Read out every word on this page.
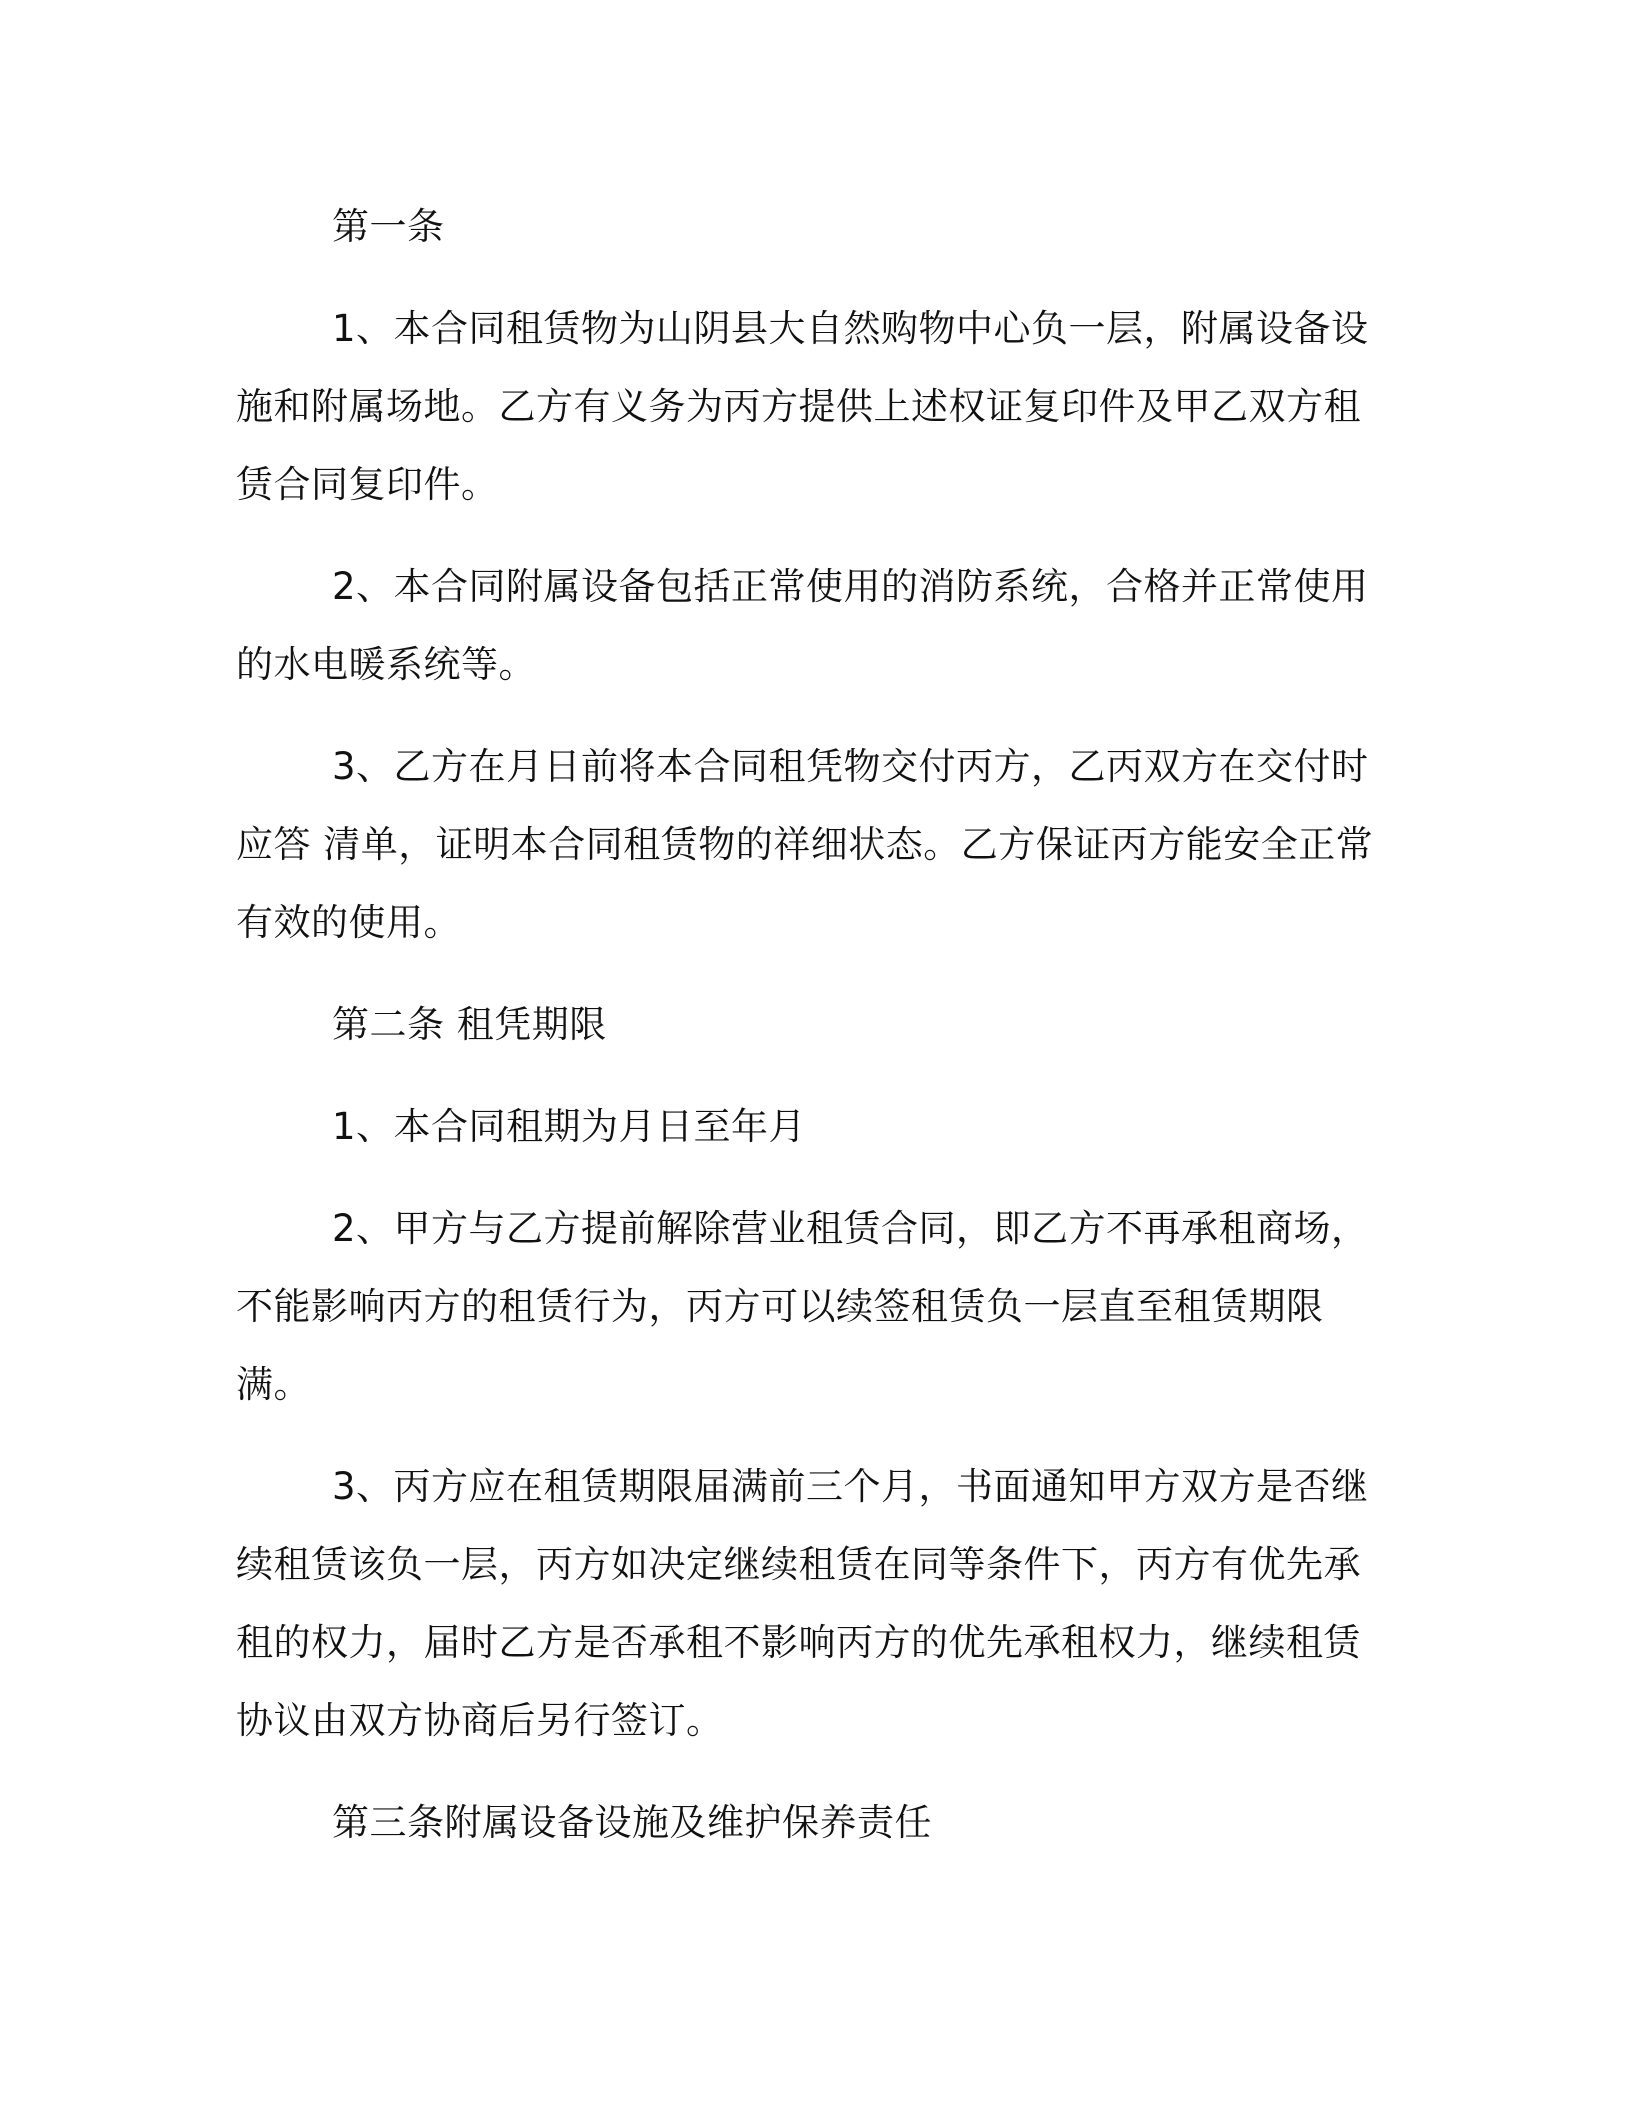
第一条

1、本合同租赁物为山阴县大自然购物中心负一层，附属设备设施和附属场地。乙方有义务为丙方提供上述权证复印件及甲乙双方租赁合同复印件。

2、本合同附属设备包括正常使用的消防系统，合格并正常使用的水电暖系统等。

3、乙方在月日前将本合同租凭物交付丙方，乙丙双方在交付时应答 清单，证明本合同租赁物的祥细状态。乙方保证丙方能安全正常有效的使用。

第二条 租凭期限

1、本合同租期为月日至年月

2、甲方与乙方提前解除营业租赁合同，即乙方不再承租商场，不能影响丙方的租赁行为，丙方可以续签租赁负一层直至租赁期限满。

3、丙方应在租赁期限届满前三个月，书面通知甲方双方是否继续租赁该负一层，丙方如决定继续租赁在同等条件下，丙方有优先承租的权力，届时乙方是否承租不影响丙方的优先承租权力，继续租赁协议由双方协商后另行签订。

第三条附属设备设施及维护保养责任
